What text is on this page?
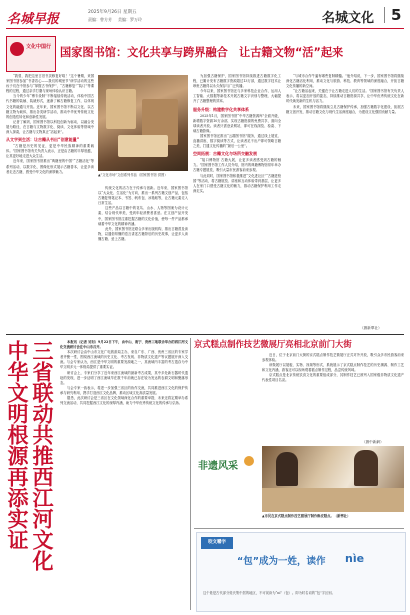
名城早报	2025年9月26日 星期五
责编：曾方芳 美编：罗万玲	名城文化 5
文化中国行 国家图书馆：文化共享与跨界融合　让古籍文物“活”起来

“我曾，我把这里古旧书页修复好啦！”这个暑期，来国家图书馆参加“书香若心——我们的城里节”研学活动的这些孩子们在中馆参与“掌握古书保护”、“古籍修复”“装订”等课程的过程，通过亲手打磨与现场体验认识古籍。

当今的少年“博专设制”不断接续传统活动，体验中国古代书籍的装帧、装裱形式，逐渐了解古籍修复工作，以体现文化的融通与开放。近年来，国家图书馆不断以文化、以古籍文物为载体，推出各类研学活动，推动中华优秀传统文化的创造性转化和创新性发展。

记者了解到，国家图书馆以科技创新为驱动，以融合发展为路径，在古籍与文物数字化、阅读、文化体验等领域中深入探索，让古籍与文物真正“活起来”。

从文字到生活：让古籍从书出“创意能量”

“古籍是历史的见证，更是中华民族精神的重要载体。”国家图书馆有关负责人表示，正是由古籍的丰厚底蕴，让其更好地走进大众生活。

近年来，国家图书馆推出“典籍里的中国”“古籍活化”等系列活动，以数字化、图像化形式展示古籍善本，让更多读者走近古籍，感受中华文化的深厚魅力。

▲“文化市场”文创系列作品（国家图书馆 供图）

传统文化的活力在于传承与创新。近年来，国家图书馆以“大众化、生活化”为方向，推出一系列古籍文创产品，包括古籍复刻笔记本、书签、帆布包、冰箱贴等，让古籍元素走入日常生活。

这些产品以古籍中的花鸟、山水、人物等图案为设计元素，结合现代审美，受到年轻消费者喜爱。在文创产品开发中，国家图书馆注重挖掘古籍的文化价值，使每一件产品都承载着中华文化的精神内涵。

此外，国家图书馆还联合多家出版机构，推出古籍普及读物，以通俗易懂的语言讲述古籍背后的历史故事，让更多人读懂古籍、爱上古籍。

为加强古籍保护，国家图书馆持续推进古籍数字化工程，已累计发布古籍数字资源超过13万部，通过数字技术让珍贵古籍得以永久保存与广泛传播。

今年以来，国家图书馆还与多家科技企业合作，运用人工智能、大数据等新技术开展古籍文字识别与整理，大幅提升了古籍整理的效率。

服务升级：构建数字化共享体系

2025年1月，国家图书馆“中华古籍资源库”全面升级，新增数字资源10万余部，实现古籍资源的免费共享，面向全球读者开放。读者只需登录网站，即可在线浏览、检索、下载古籍影像。

国家图书馆还推出“云端图书馆”服务，通过线上展览、直播讲座、数字阅读等方式，让读者足不出户即可领略古籍之美，打通文化传播的“最后一公里”。

空间拓展：古籍文化与场所交融发展

“接口博物馆 古籍大展，让更多读者感受到古籍的魅力。”国家图书馆工作人员介绍，馆内的典籍博物馆常年举办古籍专题展览，吸引大量市民游客前来参观。

与此同时，国家图书馆积极推进“文化进社区”“古籍进校园”等活动，将古籍展览、讲座和互动体验带到基层，让更多人在家门口感受古籍文化的魅力，推动古籍保护利用工作走深走实。

“与城市合作牛逼有哪些复制精髓。”他介绍说，下一步，国家图书馆将继续深化古籍活化利用，推动文化与旅游、科技、教育等领域的深度融合，开拓古籍文化传播的新空间。

“让古籍活起来，关键在于让古籍走进人们的生活。”国家图书馆有关负责人表示，将以更加开放的姿态，持续推动古籍资源共享，让中华优秀传统文化在新时代焕发新的生机与活力。

未来，国家图书馆将继续立足古籍保护传承，加强古籍数字化建设，拓展古籍文创开发，推动古籍文化与现代生活深度融合，为建设文化强国贡献力量。

（據新華社）
三省联动共推西江河文化
中华文明根源再添实证	本报讯（记者 吴钊）9月22日下午，由中山、南宁、贵州三地联合举办的西江河文化交流研讨会在中山市召开。

本次研讨会由中山市文化广电旅游局主办，来自广东、广西、贵州三省区的专家学者齐聚一堂，围绕西江流域的历史文化、考古发现、非物质文化遗产等议题展开深入交流。与会专家认为，西江是中华文明的重要发源地之一，其流域内丰富的考古遗存为中华文明多元一体格局提供了重要实证。

研讨会上，专家们分享了近年来西江流域的最新考古成果，其中多处新石器时代遗址的发现，进一步证明了西江流域早在数千年前就已存在较为发达的农耕文明和聚落形态。

与会专家一致表示，将进一步加强三省区的协作交流，共同推进西江文化的保护传承与研究利用，携手打造西江文化品牌，推动区域文化高质量发展。

据悉，此次研讨会是三省区在文化领域深化合作的重要举措，未来还将定期举办系列交流活动，共同挖掘西江文化的深厚内涵，助力中华优秀传统文化的传承与弘扬。

京式糕点制作技艺微展厅亮相北京前门大街

近日，位于北京前门大街的京式糕点制作技艺微展厅正式对外开放，吸引众多市民游客前来参观体验。

该微展厅以展板、实物、视频等形式，系统展示了京式糕点制作技艺的历史渊源、制作工艺和文化内涵，游客还可以现场观看糕点制作过程，品尝传统风味。

京式糕点是北京传统饮食文化的重要组成部分，其制作技艺已被列入国家级非物质文化遗产代表性项目名录。

（據中新網）
非遗风采
▲市民在京式糕点制作技艺微展厅制作酥皮糕点。（新華社）
咬文嚼字
“包”成为一姓，读作 nìe
这个姓是古代部分姓氏集中居的地区，不可误读为“ní”（包）。即为时名词的“包”字区别。
